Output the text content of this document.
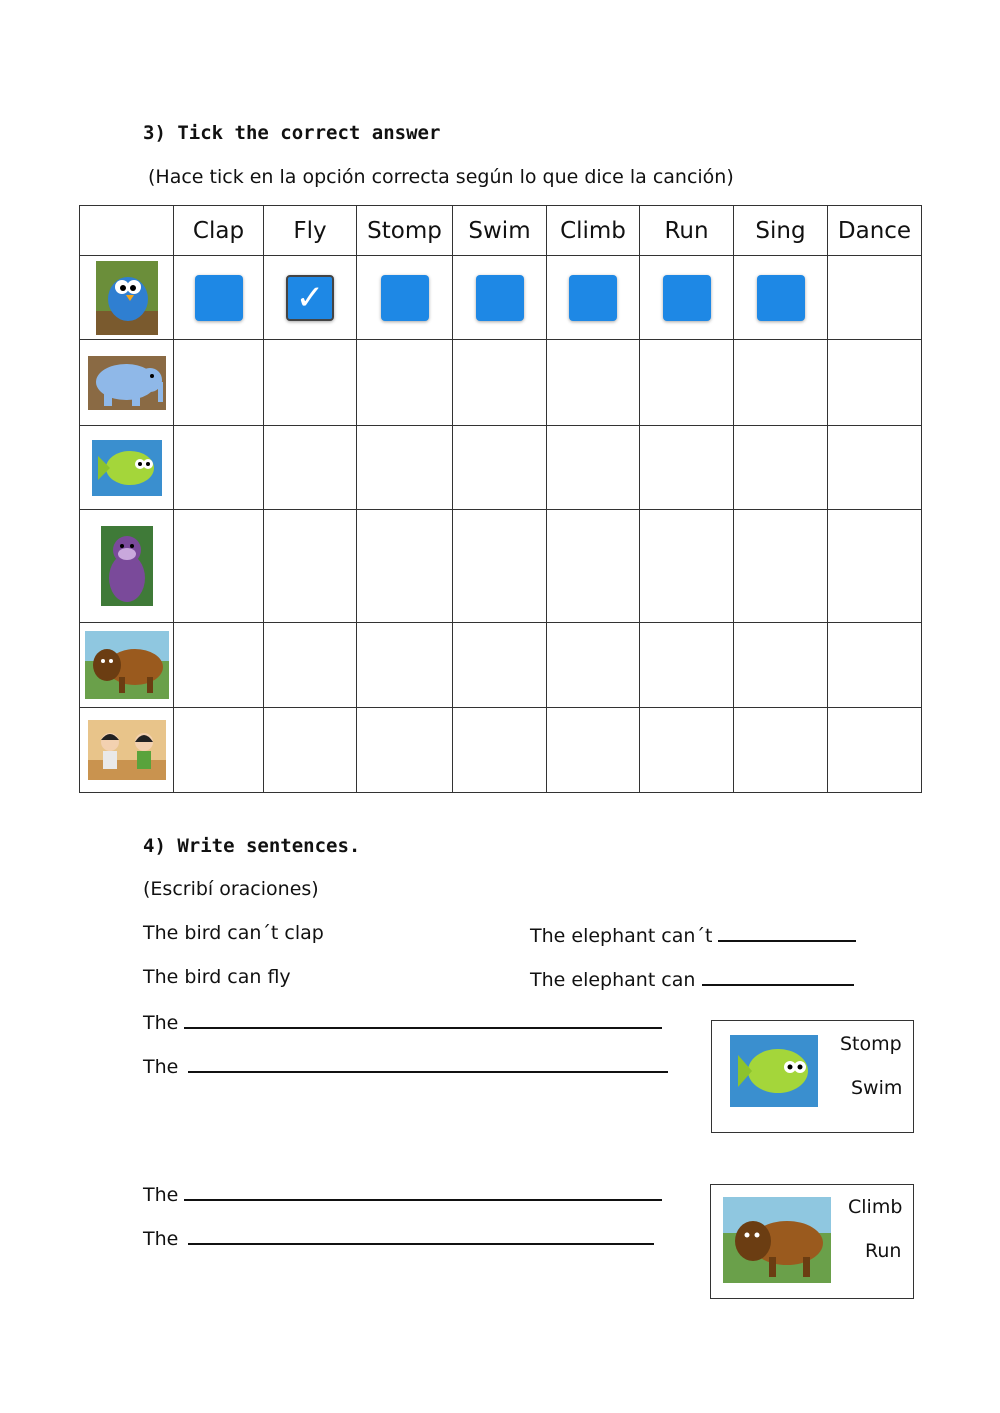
3) Tick the correct answer
(Hace tick en la opción correcta según lo que dice la canción)
	Clap	Fly	Stomp	Swim	Climb	Run	Sing	Dance
		✓						

4) Write sentences.
(Escribí oraciones)
The bird can´t clap
The bird can fly
The elephant can´t
The elephant can
The
The
Stomp
Swim
The
The
Climb
Run
